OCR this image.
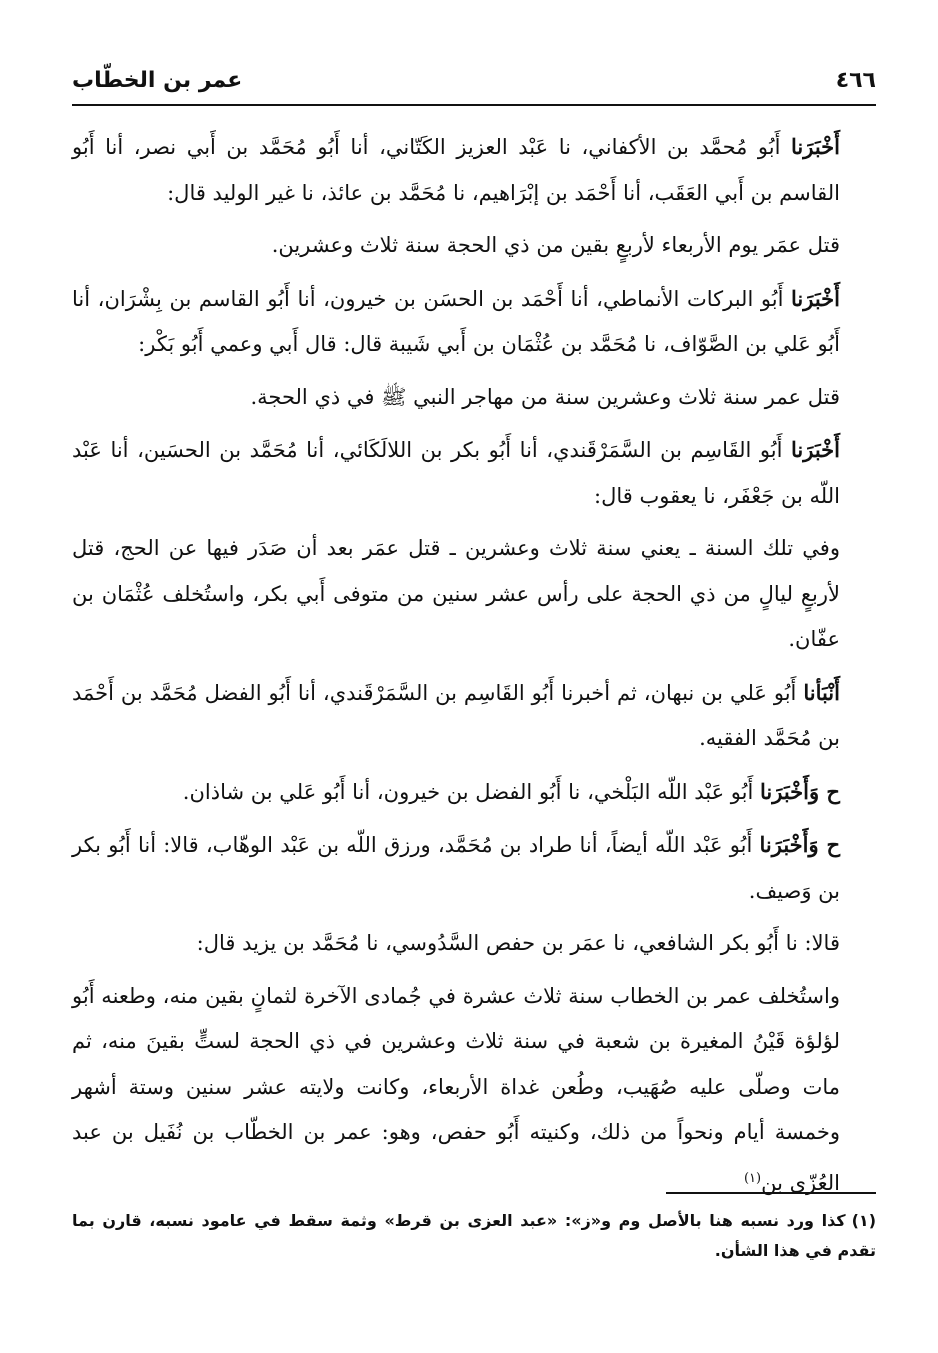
٤٦٦
عمر بن الخطّاب

أَخْبَرَنا أَبُو مُحمَّد بن الأكفاني، نا عَبْد العزيز الكَتّاني، أنا أَبُو مُحَمَّد بن أَبي نصر، أنا أَبُو القاسم بن أَبي العَقَب، أنا أَحْمَد بن إبْرَاهيم، نا مُحَمَّد بن عائذ، نا غير الوليد قال:

قتل عمَر يوم الأربعاء لأربعٍ بقين من ذي الحجة سنة ثلاث وعشرين.

أَخْبَرَنا أَبُو البركات الأنماطي، أنا أَحْمَد بن الحسَن بن خيرون، أنا أَبُو القاسم بن بِشْرَان، أنا أَبُو عَلي بن الصَّوّاف، نا مُحَمَّد بن عُثْمَان بن أَبي شَيبة قال: قال أَبي وعمي أَبُو بَكْر:

قتل عمر سنة ثلاث وعشرين سنة من مهاجر النبي ﷺ في ذي الحجة.

أَخْبَرَنا أَبُو القَاسِم بن السَّمَرْقَندي، أنا أَبُو بكر بن اللالَكَائي، أنا مُحَمَّد بن الحسَين، أنا عَبْد اللّه بن جَعْفَر، نا يعقوب قال:

وفي تلك السنة ـ يعني سنة ثلاث وعشرين ـ قتل عمَر بعد أن صَدَر فيها عن الحج، قتل لأربعٍ ليالٍ من ذي الحجة على رأس عشر سنين من متوفى أَبي بكر، واستُخلف عُثْمَان بن عفّان.

أَنْبَأنا أَبُو عَلي بن نبهان، ثم أخبرنا أَبُو القَاسِم بن السَّمَرْقَندي، أنا أَبُو الفضل مُحَمَّد بن أَحْمَد بن مُحَمَّد الفقيه.

ح وَأَخْبَرَنا أَبُو عَبْد اللّه البَلْخي، نا أَبُو الفضل بن خيرون، أنا أَبُو عَلي بن شاذان.

ح وَأَخْبَرَنا أَبُو عَبْد اللّه أيضاً، أنا طراد بن مُحَمَّد، ورزق اللّه بن عَبْد الوهّاب، قالا: أنا أَبُو بكر بن وَصيف.

قالا: نا أَبُو بكر الشافعي، نا عمَر بن حفص السَّدُوسي، نا مُحَمَّد بن يزيد قال:

واستُخلف عمر بن الخطاب سنة ثلاث عشرة في جُمادى الآخرة لثمانٍ بقين منه، وطعنه أَبُو لؤلؤة قَيْنُ المغيرة بن شعبة في سنة ثلاث وعشرين في ذي الحجة لستٍّ بقينَ منه، ثم مات وصلّى عليه صُهَيب، وطُعن غداة الأربعاء، وكانت ولايته عشر سنين وستة أشهر وخمسة أيام ونحواً من ذلك، وكنيته أَبُو حفص، وهو: عمر بن الخطّاب بن نُفَيل بن عبد العُزّى بن$^{(١)}$

(١)كذا ورد نسبه هنا بالأصل وم و«ز»: «عبد العزى بن قرط» وثمة سقط في عامود نسبه، قارن بما تقدم في هذا الشأن.
